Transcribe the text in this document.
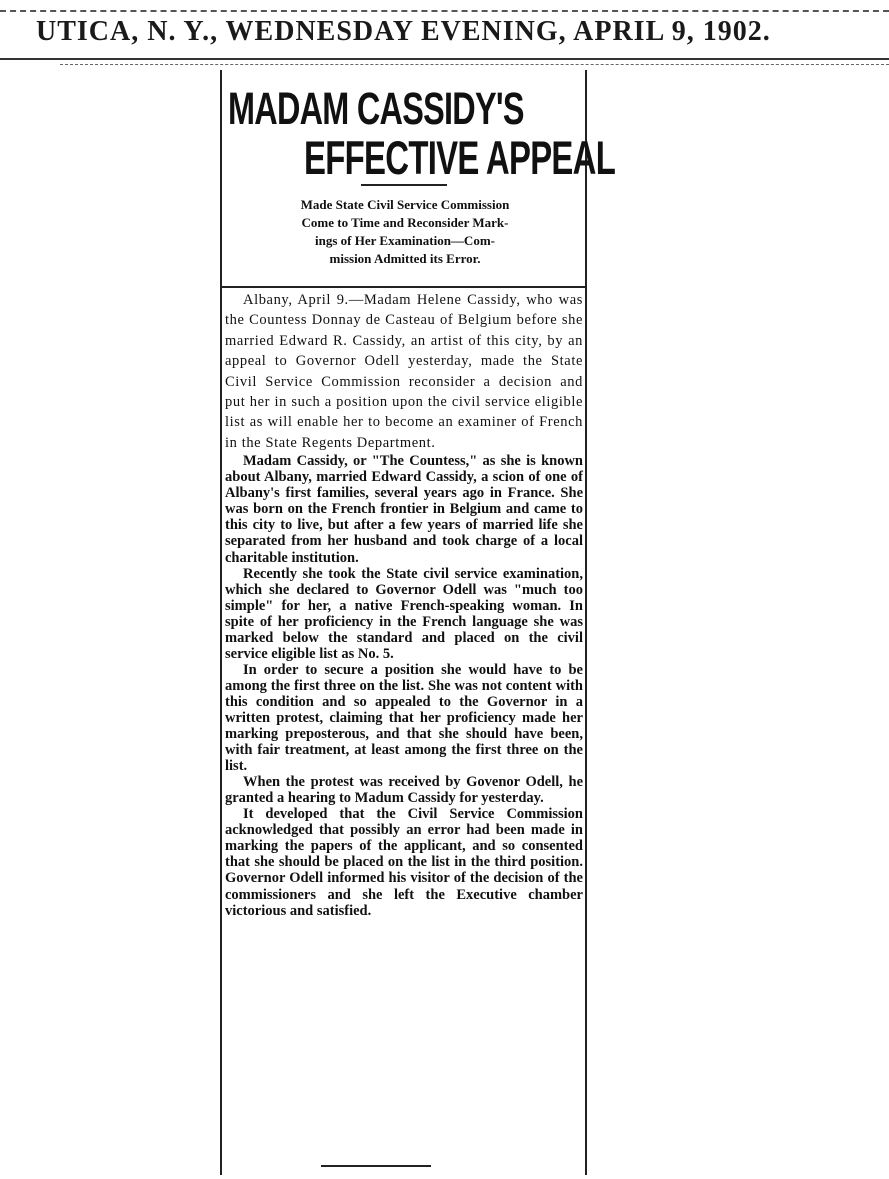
UTICA, N. Y., WEDNESDAY EVENING, APRIL 9, 1902.
MADAM CASSIDY'S
EFFECTIVE APPEAL
Made State Civil Service Commission
Come to Time and Reconsider Mark-
ings of Her Examination—Com-
mission Admitted its Error.

Albany, April 9.—Madam Helene Cassidy, who was the Countess Donnay de Casteau of Belgium before she married Edward R. Cassidy, an artist of this city, by an appeal to Governor Odell yesterday, made the State Civil Service Commission reconsider a decision and put her in such a position upon the civil service eligible list as will enable her to become an examiner of French in the State Regents Department.

Madam Cassidy, or "The Countess," as she is known about Albany, married Edward Cassidy, a scion of one of Albany's first families, several years ago in France. She was born on the French frontier in Belgium and came to this city to live, but after a few years of married life she separated from her husband and took charge of a local charitable institution.

Recently she took the State civil service examination, which she declared to Governor Odell was "much too simple" for her, a native French-speaking woman. In spite of her proficiency in the French language she was marked below the standard and placed on the civil service eligible list as No. 5.

In order to secure a position she would have to be among the first three on the list. She was not content with this condition and so appealed to the Governor in a written protest, claiming that her proficiency made her marking preposterous, and that she should have been, with fair treatment, at least among the first three on the list.

When the protest was received by Govenor Odell, he granted a hearing to Madum Cassidy for yesterday.

It developed that the Civil Service Commission acknowledged that possibly an error had been made in marking the papers of the applicant, and so consented that she should be placed on the list in the third position. Governor Odell informed his visitor of the decision of the commissioners and she left the Executive chamber victorious and satisfied.
